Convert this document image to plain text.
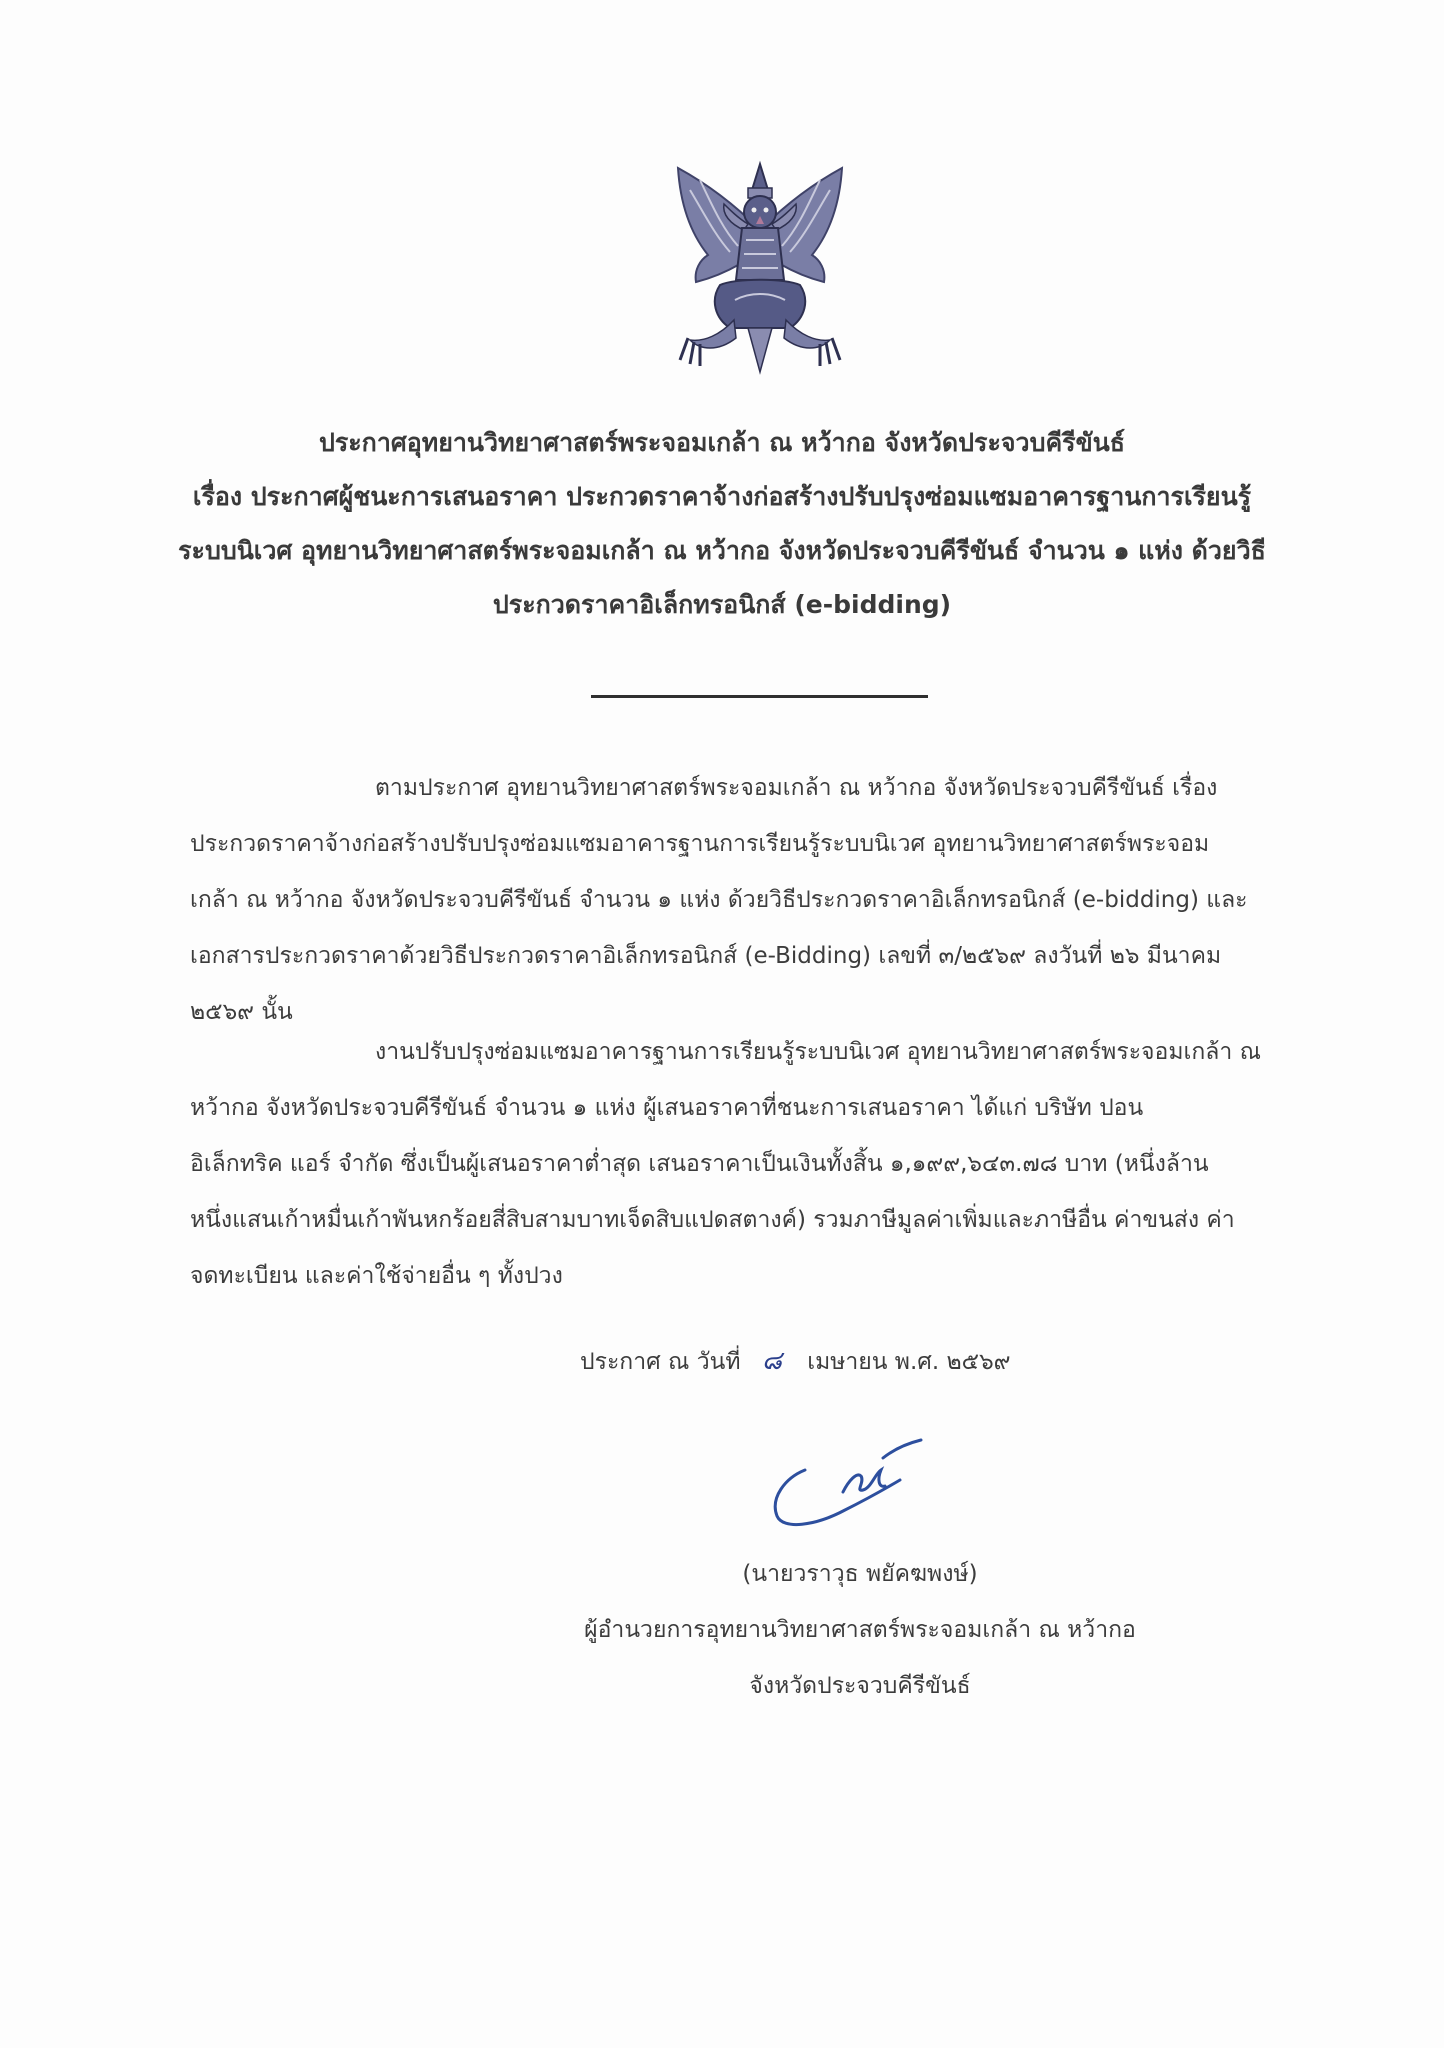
ประกาศอุทยานวิทยาศาสตร์พระจอมเกล้า ณ หว้ากอ จังหวัดประจวบคีรีขันธ์
เรื่อง ประกาศผู้ชนะการเสนอราคา ประกวดราคาจ้างก่อสร้างปรับปรุงซ่อมแซมอาคารฐานการเรียนรู้
ระบบนิเวศ อุทยานวิทยาศาสตร์พระจอมเกล้า ณ หว้ากอ จังหวัดประจวบคีรีขันธ์ จำนวน ๑ แห่ง ด้วยวิธี
ประกวดราคาอิเล็กทรอนิกส์ (e-bidding)
ตามประกาศ อุทยานวิทยาศาสตร์พระจอมเกล้า ณ หว้ากอ จังหวัดประจวบคีรีขันธ์ เรื่อง
ประกวดราคาจ้างก่อสร้างปรับปรุงซ่อมแซมอาคารฐานการเรียนรู้ระบบนิเวศ อุทยานวิทยาศาสตร์พระจอม
เกล้า ณ หว้ากอ จังหวัดประจวบคีรีขันธ์ จำนวน ๑ แห่ง ด้วยวิธีประกวดราคาอิเล็กทรอนิกส์ (e-bidding) และ
เอกสารประกวดราคาด้วยวิธีประกวดราคาอิเล็กทรอนิกส์ (e-Bidding) เลขที่ ๓/๒๕๖๙ ลงวันที่ ๒๖ มีนาคม
๒๕๖๙ นั้น
งานปรับปรุงซ่อมแซมอาคารฐานการเรียนรู้ระบบนิเวศ อุทยานวิทยาศาสตร์พระจอมเกล้า ณ
หว้ากอ จังหวัดประจวบคีรีขันธ์ จำนวน ๑ แห่ง ผู้เสนอราคาที่ชนะการเสนอราคา ได้แก่ บริษัท ปอน
อิเล็กทริค แอร์ จำกัด ซึ่งเป็นผู้เสนอราคาต่ำสุด เสนอราคาเป็นเงินทั้งสิ้น ๑,๑๙๙,๖๔๓.๗๘ บาท (หนึ่งล้าน
หนึ่งแสนเก้าหมื่นเก้าพันหกร้อยสี่สิบสามบาทเจ็ดสิบแปดสตางค์) รวมภาษีมูลค่าเพิ่มและภาษีอื่น ค่าขนส่ง ค่า
จดทะเบียน และค่าใช้จ่ายอื่น ๆ ทั้งปวง
ประกาศ ณ วันที่ ๘ เมษายน พ.ศ. ๒๕๖๙
(นายวราวุธ พยัคฆพงษ์)
ผู้อำนวยการอุทยานวิทยาศาสตร์พระจอมเกล้า ณ หว้ากอ
จังหวัดประจวบคีรีขันธ์
